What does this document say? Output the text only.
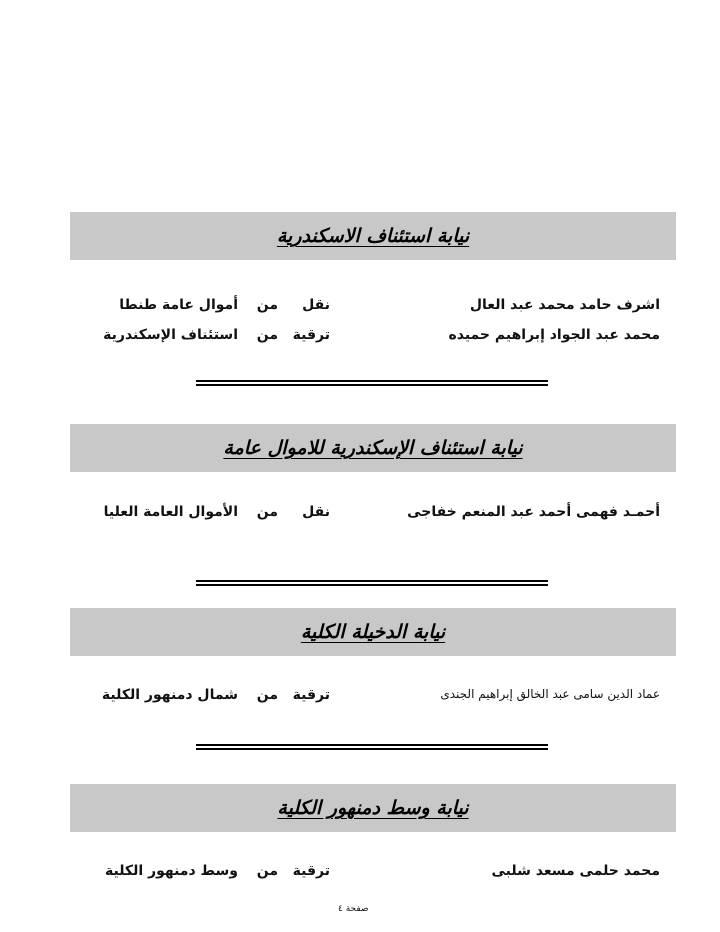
نيابة استئناف الاسكندرية
اشرف حامد محمد عبد العال
نقل
من
أموال عامة طنطا
محمد عبد الجواد إبراهيم حميده
ترقية
من
استئناف الإسكندرية
نيابة استئناف الإسكندرية للاموال عامة
أحمـد فهمى أحمد عبد المنعم خفاجى
نقل
من
الأموال العامة العليا
نيابة الدخيلة الكلية
عماد الدين سامى عبد الخالق إبراهيم الجندى
ترقية
من
شمال دمنهور الكلية
نيابة وسط دمنهور الكلية
محمد حلمى مسعد شلبى
ترقية
من
وسط دمنهور الكلية
صفحة ٤
